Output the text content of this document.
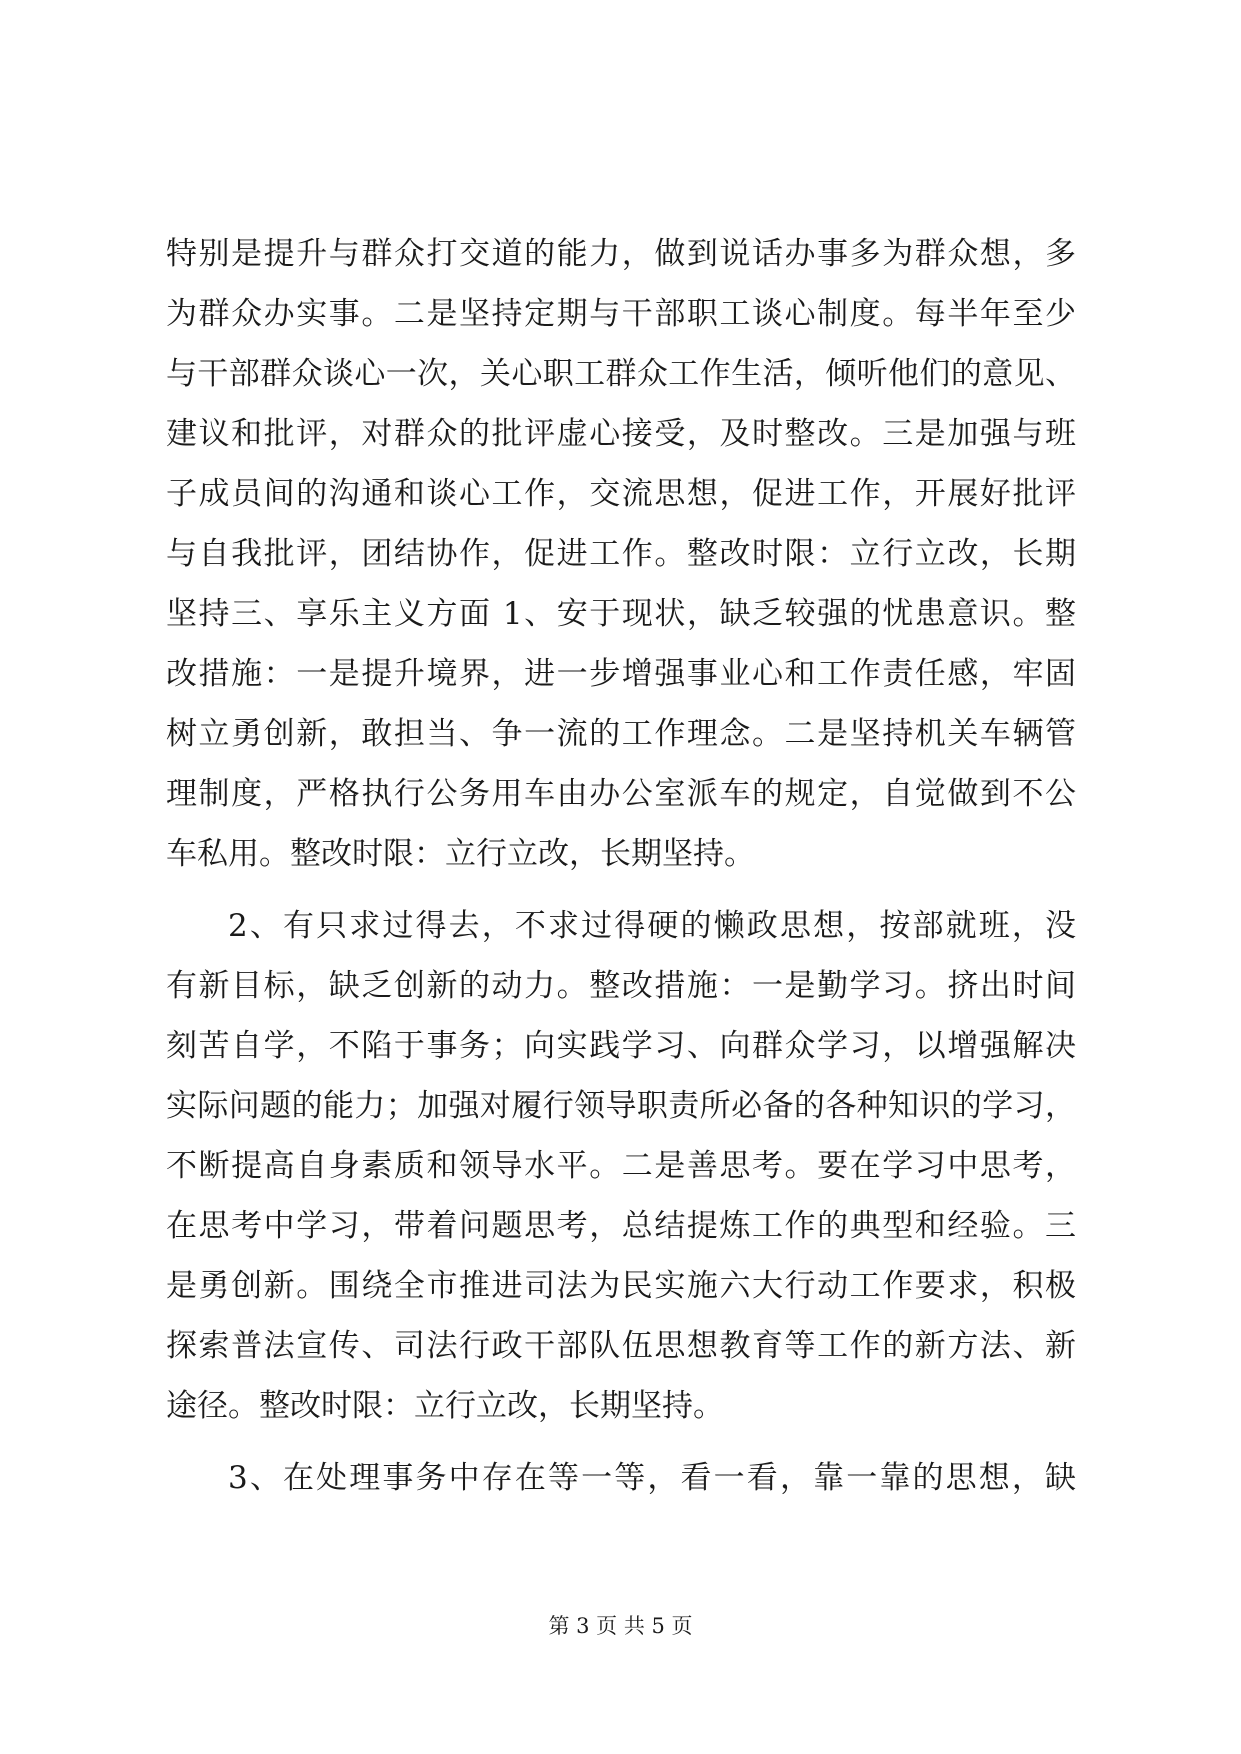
特别是提升与群众打交道的能力，做到说话办事多为群众想，多
为群众办实事。二是坚持定期与干部职工谈心制度。每半年至少
与干部群众谈心一次，关心职工群众工作生活，倾听他们的意见、
建议和批评，对群众的批评虚心接受，及时整改。三是加强与班
子成员间的沟通和谈心工作，交流思想，促进工作，开展好批评
与自我批评，团结协作，促进工作。整改时限：立行立改，长期
坚持三、享乐主义方面 1、安于现状，缺乏较强的忧患意识。整
改措施：一是提升境界，进一步增强事业心和工作责任感，牢固
树立勇创新，敢担当、争一流的工作理念。二是坚持机关车辆管
理制度，严格执行公务用车由办公室派车的规定，自觉做到不公
车私用。整改时限：立行立改，长期坚持。
2、有只求过得去，不求过得硬的懒政思想，按部就班，没
有新目标，缺乏创新的动力。整改措施：一是勤学习。挤出时间
刻苦自学，不陷于事务；向实践学习、向群众学习，以增强解决
实际问题的能力；加强对履行领导职责所必备的各种知识的学习，
不断提高自身素质和领导水平。二是善思考。要在学习中思考，
在思考中学习，带着问题思考，总结提炼工作的典型和经验。三
是勇创新。围绕全市推进司法为民实施六大行动工作要求，积极
探索普法宣传、司法行政干部队伍思想教育等工作的新方法、新
途径。整改时限：立行立改，长期坚持。
3、在处理事务中存在等一等，看一看，靠一靠的思想，缺
第 3 页 共 5 页
